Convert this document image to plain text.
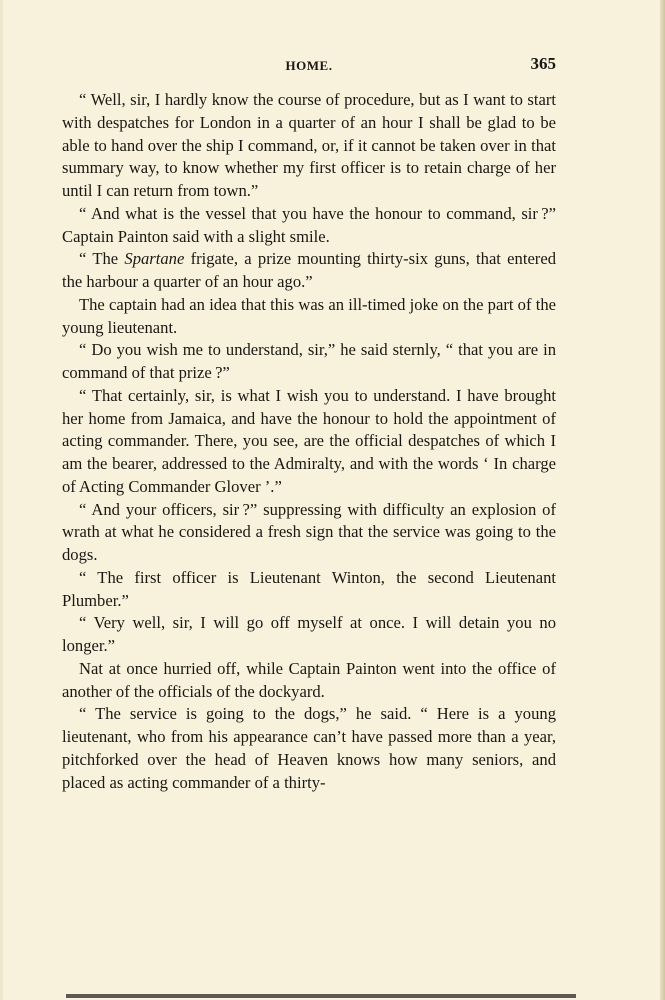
HOME.	365

“ Well, sir, I hardly know the course of procedure, but as I want to start with despatches for London in a quarter of an hour I shall be glad to be able to hand over the ship I command, or, if it cannot be taken over in that summary way, to know whether my first officer is to retain charge of her until I can return from town.”

“ And what is the vessel that you have the honour to command, sir ?” Captain Painton said with a slight smile.

“ The Spartane frigate, a prize mounting thirty-six guns, that entered the harbour a quarter of an hour ago.”

The captain had an idea that this was an ill-timed joke on the part of the young lieutenant.

“ Do you wish me to understand, sir,” he said sternly, “ that you are in command of that prize ?”

“ That certainly, sir, is what I wish you to understand. I have brought her home from Jamaica, and have the honour to hold the appointment of acting commander. There, you see, are the official despatches of which I am the bearer, addressed to the Admiralty, and with the words ‘ In charge of Acting Commander Glover ’.”

“ And your officers, sir ?” suppressing with difficulty an explosion of wrath at what he considered a fresh sign that the service was going to the dogs.

“ The first officer is Lieutenant Winton, the second Lieutenant Plumber.”

“ Very well, sir, I will go off myself at once. I will detain you no longer.”

Nat at once hurried off, while Captain Painton went into the office of another of the officials of the dockyard.

“ The service is going to the dogs,” he said. “ Here is a young lieutenant, who from his appearance can’t have passed more than a year, pitchforked over the head of Heaven knows how many seniors, and placed as acting commander of a thirty-
